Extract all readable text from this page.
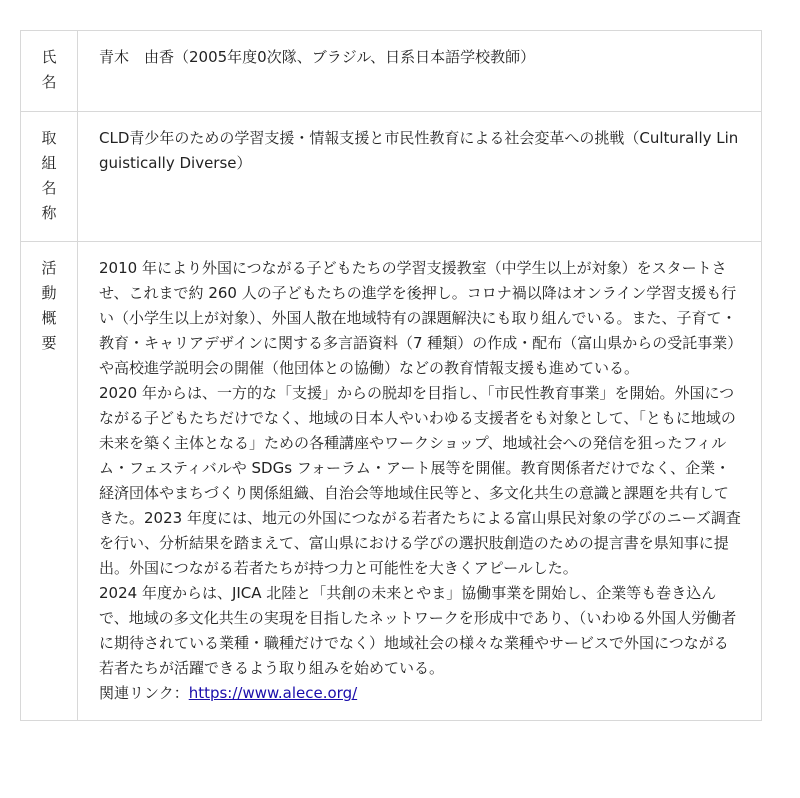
氏名	青木　由香（2005年度0次隊、ブラジル、日系日本語学校教師）

取組名称	CLD青少年のための学習支援・情報支援と市民性教育による社会変革への挑戦（Culturally Linguistically Diverse）

活動概要	2010 年により外国につながる子どもたちの学習支援教室（中学生以上が対象）をスタートさせ、これまで約 260 人の子どもたちの進学を後押し。コロナ禍以降はオンライン学習支援も行い（小学生以上が対象）、外国人散在地域特有の課題解決にも取り組んでいる。また、子育て・教育・キャリアデザインに関する多言語資料（7 種類）の作成・配布（富山県からの受託事業）や高校進学説明会の開催（他団体との協働）などの教育情報支援も進めている。

2020 年からは、一方的な「支援」からの脱却を目指し、「市民性教育事業」を開始。外国につながる子どもたちだけでなく、地域の日本人やいわゆる支援者をも対象として、「ともに地域の未来を築く主体となる」ための各種講座やワークショップ、地域社会への発信を狙ったフィルム・フェスティバルや SDGs フォーラム・アート展等を開催。教育関係者だけでなく、企業・経済団体やまちづくり関係組織、自治会等地域住民等と、多文化共生の意識と課題を共有してきた。2023 年度には、地元の外国につながる若者たちによる富山県民対象の学びのニーズ調査を行い、分析結果を踏まえて、富山県における学びの選択肢創造のための提言書を県知事に提出。外国につながる若者たちが持つ力と可能性を大きくアピールした。

2024 年度からは、JICA 北陸と「共創の未来とやま」協働事業を開始し、企業等も巻き込んで、地域の多文化共生の実現を目指したネットワークを形成中であり、（いわゆる外国人労働者に期待されている業種・職種だけでなく）地域社会の様々な業種やサービスで外国につながる若者たちが活躍できるよう取り組みを始めている。

関連リンク：https://www.alece.org/
